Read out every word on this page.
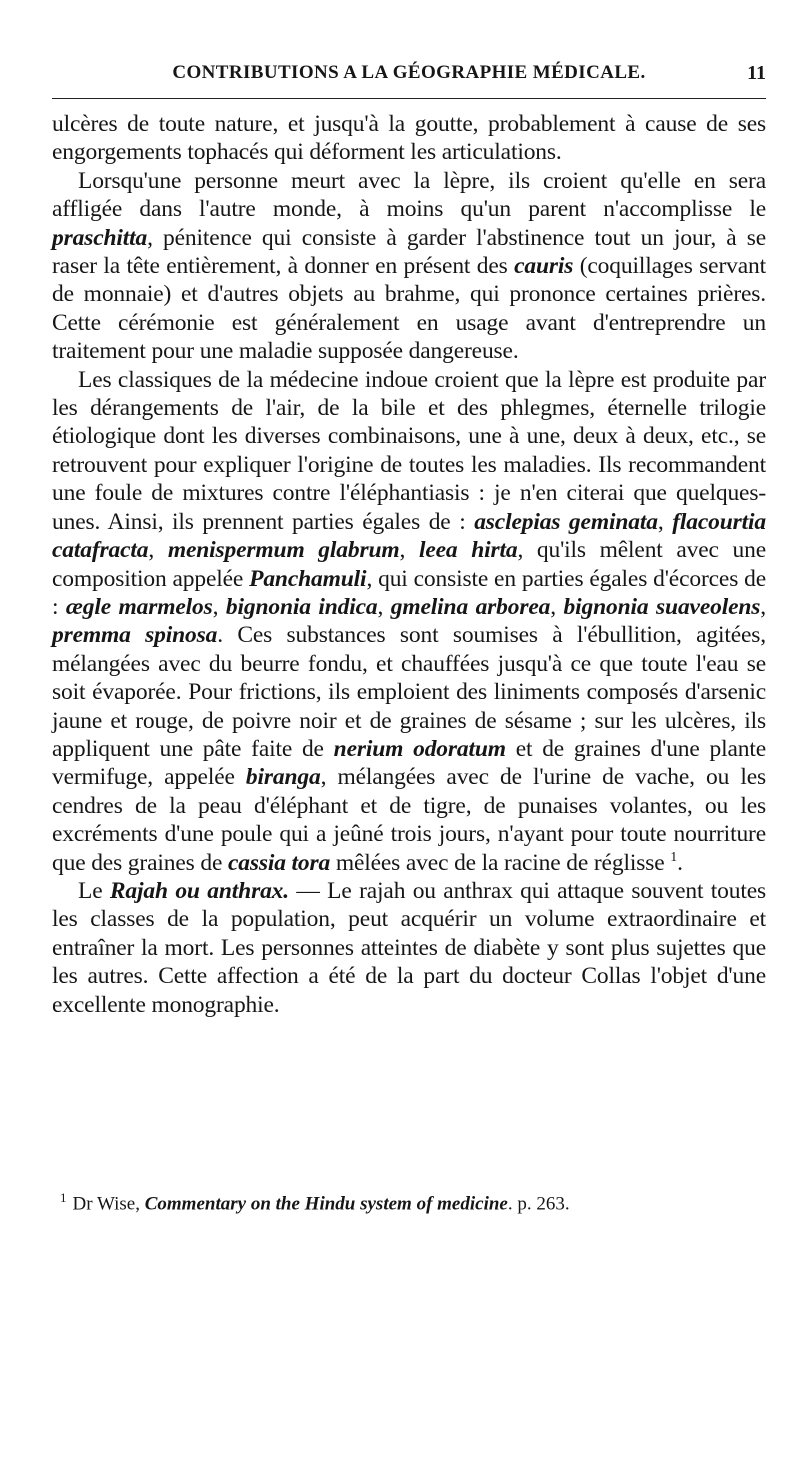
CONTRIBUTIONS A LA GÉOGRAPHIE MÉDICALE.	11

ulcères de toute nature, et jusqu'à la goutte, probablement à cause de ses engorgements tophacés qui déforment les articulations.

Lorsqu'une personne meurt avec la lèpre, ils croient qu'elle en sera affligée dans l'autre monde, à moins qu'un parent n'accomplisse le praschitta, pénitence qui consiste à garder l'abstinence tout un jour, à se raser la tête entièrement, à donner en présent des cauris (coquillages servant de monnaie) et d'autres objets au brahme, qui prononce certaines prières. Cette cérémonie est généralement en usage avant d'entreprendre un traitement pour une maladie supposée dangereuse.

Les classiques de la médecine indoue croient que la lèpre est produite par les dérangements de l'air, de la bile et des phlegmes, éternelle trilogie étiologique dont les diverses combinaisons, une à une, deux à deux, etc., se retrouvent pour expliquer l'origine de toutes les maladies. Ils recommandent une foule de mixtures contre l'éléphantiasis : je n'en citerai que quelques-unes. Ainsi, ils prennent parties égales de : asclepias geminata, flacourtia catafracta, menispermum glabrum, leea hirta, qu'ils mêlent avec une composition appelée Panchamuli, qui consiste en parties égales d'écorces de : ægle marmelos, bignonia indica, gmelina arborea, bignonia suaveolens, premma spinosa. Ces substances sont soumises à l'ébullition, agitées, mélangées avec du beurre fondu, et chauffées jusqu'à ce que toute l'eau se soit évaporée. Pour frictions, ils emploient des liniments composés d'arsenic jaune et rouge, de poivre noir et de graines de sésame ; sur les ulcères, ils appliquent une pâte faite de nerium odoratum et de graines d'une plante vermifuge, appelée biranga, mélangées avec de l'urine de vache, ou les cendres de la peau d'éléphant et de tigre, de punaises volantes, ou les excréments d'une poule qui a jeûné trois jours, n'ayant pour toute nourriture que des graines de cassia tora mêlées avec de la racine de réglisse $^1$.

Le Rajah ou anthrax. — Le rajah ou anthrax qui attaque souvent toutes les classes de la population, peut acquérir un volume extraordinaire et entraîner la mort. Les personnes atteintes de diabète y sont plus sujettes que les autres. Cette affection a été de la part du docteur Collas l'objet d'une excellente monographie.

$^1$ Dr Wise, Commentary on the Hindu system of medicine. p. 263.
